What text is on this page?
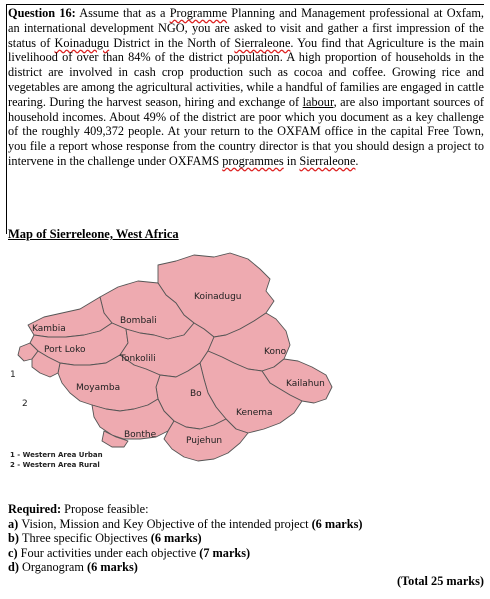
Question 16: Assume that as a Programme Planning and Management professional at Oxfam, an international development NGO, you are asked to visit and gather a first impression of the status of Koinadugu District in the North of Sierraleone. You find that Agriculture is the main livelihood of over than 84% of the district population. A high proportion of households in the district are involved in cash crop production such as cocoa and coffee. Growing rice and vegetables are among the agricultural activities, while a handful of families are engaged in cattle rearing. During the harvest season, hiring and exchange of labour, are also important sources of household incomes. About 49% of the district are poor which you document as a key challenge of the roughly 409,372 people. At your return to the OXFAM office in the capital Free Town, you file a report whose response from the country director is that you should design a project to intervene in the challenge under OXFAMS programmes in Sierraleone.

Map of Sierreleone, West Africa
Koinadugu
Bombali
Kambia
Port Loko
Tonkolili
Kono
Kailahun
Moyamba
Bo
Kenema
Bonthe
Pujehun
1
2
1 - Western Area Urban
2 - Western Area Rural
Required: Propose feasible:
a) Vision, Mission and Key Objective of the intended project (6 marks)
b) Three specific Objectives (6 marks)
c) Four activities under each objective (7 marks)
d) Organogram (6 marks)
(Total 25 marks)
